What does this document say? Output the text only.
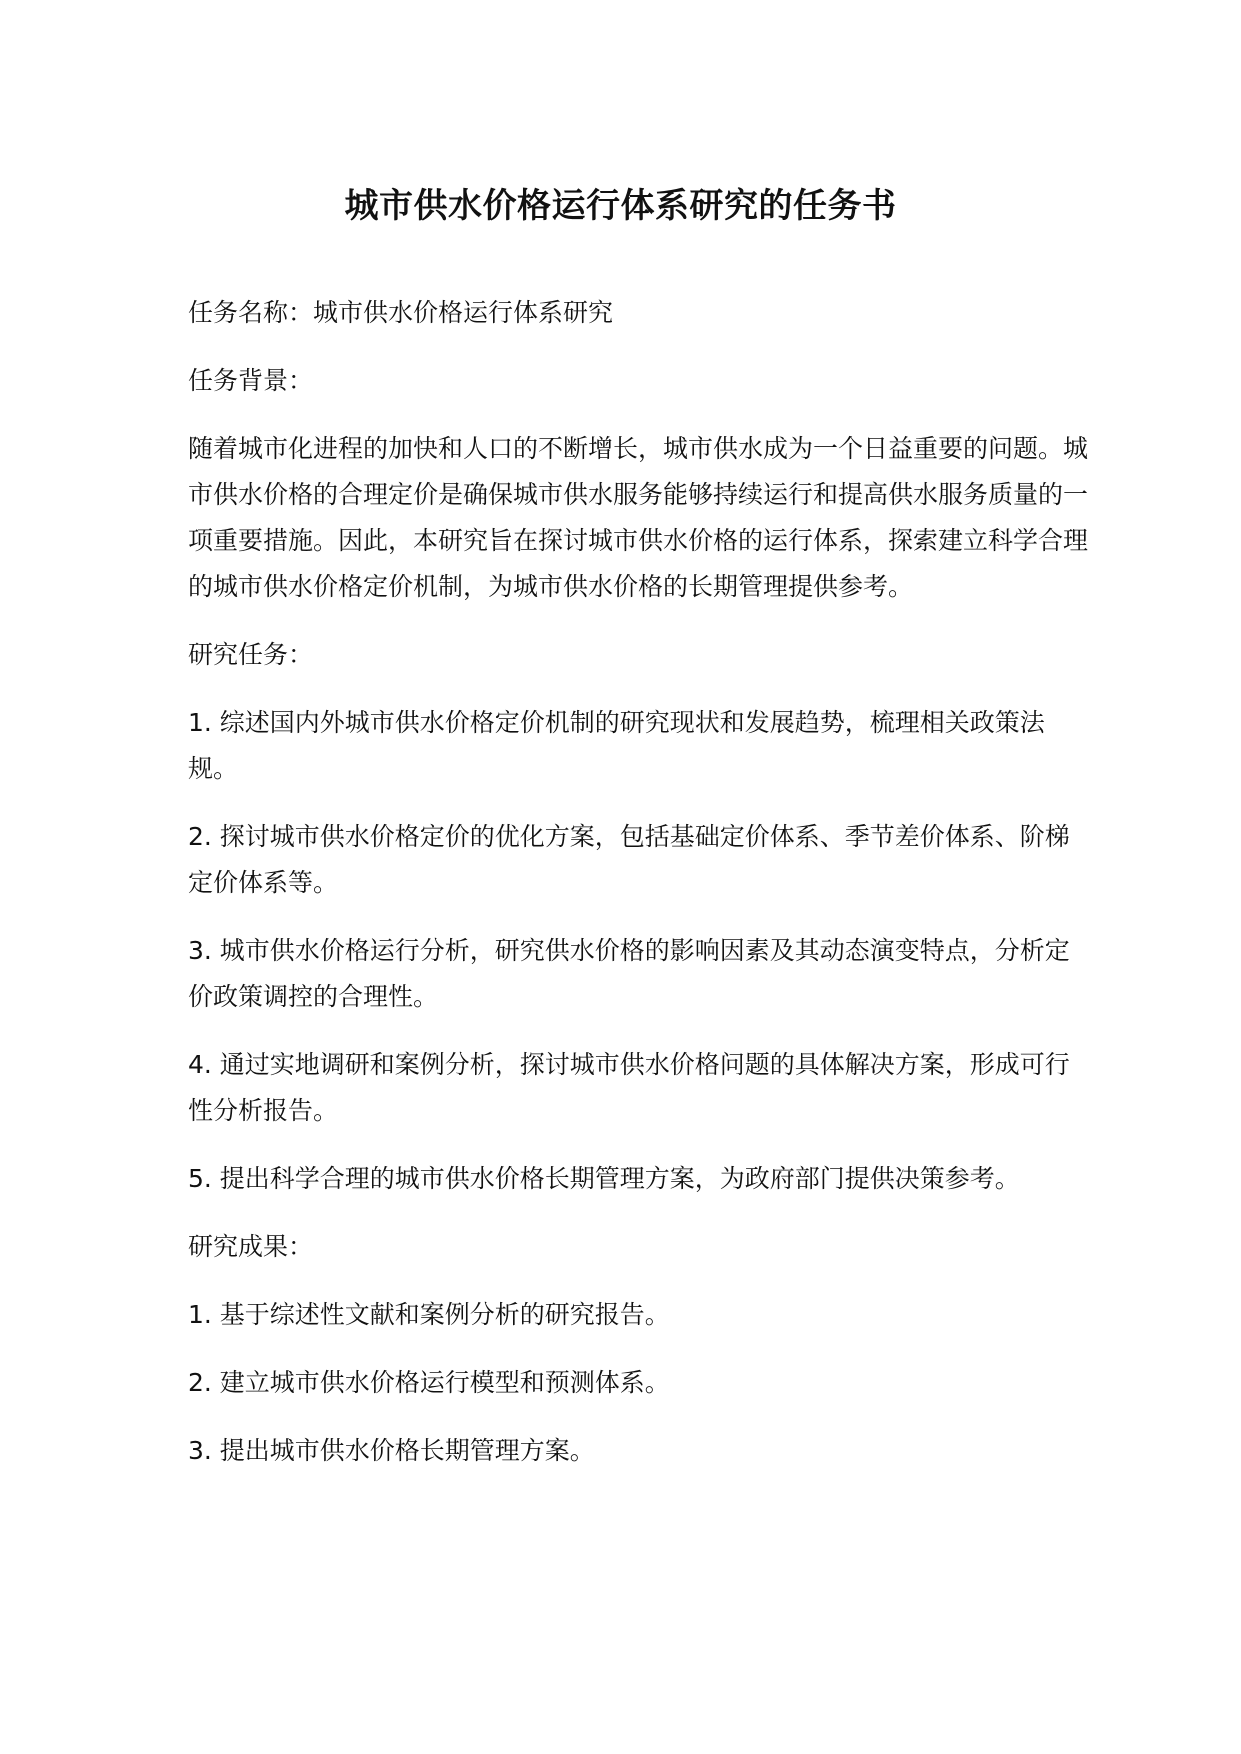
城市供水价格运行体系研究的任务书

任务名称：城市供水价格运行体系研究

任务背景：

随着城市化进程的加快和人口的不断增长，城市供水成为一个日益重要的问题。城市供水价格的合理定价是确保城市供水服务能够持续运行和提高供水服务质量的一项重要措施。因此，本研究旨在探讨城市供水价格的运行体系，探索建立科学合理的城市供水价格定价机制，为城市供水价格的长期管理提供参考。

研究任务：

1. 综述国内外城市供水价格定价机制的研究现状和发展趋势，梳理相关政策法规。

2. 探讨城市供水价格定价的优化方案，包括基础定价体系、季节差价体系、阶梯定价体系等。

3. 城市供水价格运行分析，研究供水价格的影响因素及其动态演变特点，分析定价政策调控的合理性。

4. 通过实地调研和案例分析，探讨城市供水价格问题的具体解决方案，形成可行性分析报告。

5. 提出科学合理的城市供水价格长期管理方案，为政府部门提供决策参考。

研究成果：

1. 基于综述性文献和案例分析的研究报告。

2. 建立城市供水价格运行模型和预测体系。

3. 提出城市供水价格长期管理方案。
